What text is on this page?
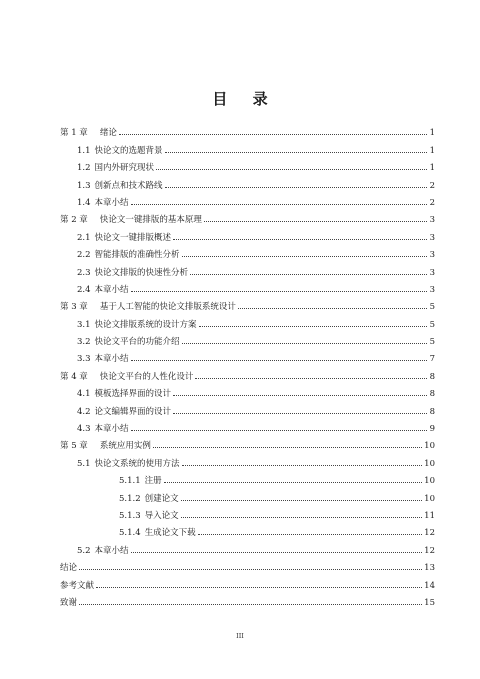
目 录
第 1 章 绪论	1
1.1 快论文的选题背景	1
1.2 国内外研究现状	1
1.3 创新点和技术路线	2
1.4 本章小结	2
第 2 章 快论文一键排版的基本原理	3
2.1 快论文一键排版概述	3
2.2 智能排版的准确性分析	3
2.3 快论文排版的快速性分析	3
2.4 本章小结	3
第 3 章 基于人工智能的快论文排版系统设计	5
3.1 快论文排版系统的设计方案	5
3.2 快论文平台的功能介绍	5
3.3 本章小结	7
第 4 章 快论文平台的人性化设计	8
4.1 模板选择界面的设计	8
4.2 论文编辑界面的设计	8
4.3 本章小结	9
第 5 章 系统应用实例	10
5.1 快论文系统的使用方法	10
5.1.1 注册	10
5.1.2 创建论文	10
5.1.3 导入论文	11
5.1.4 生成论文下载	12
5.2 本章小结	12
结论	13
参考文献	14
致谢	15
III
